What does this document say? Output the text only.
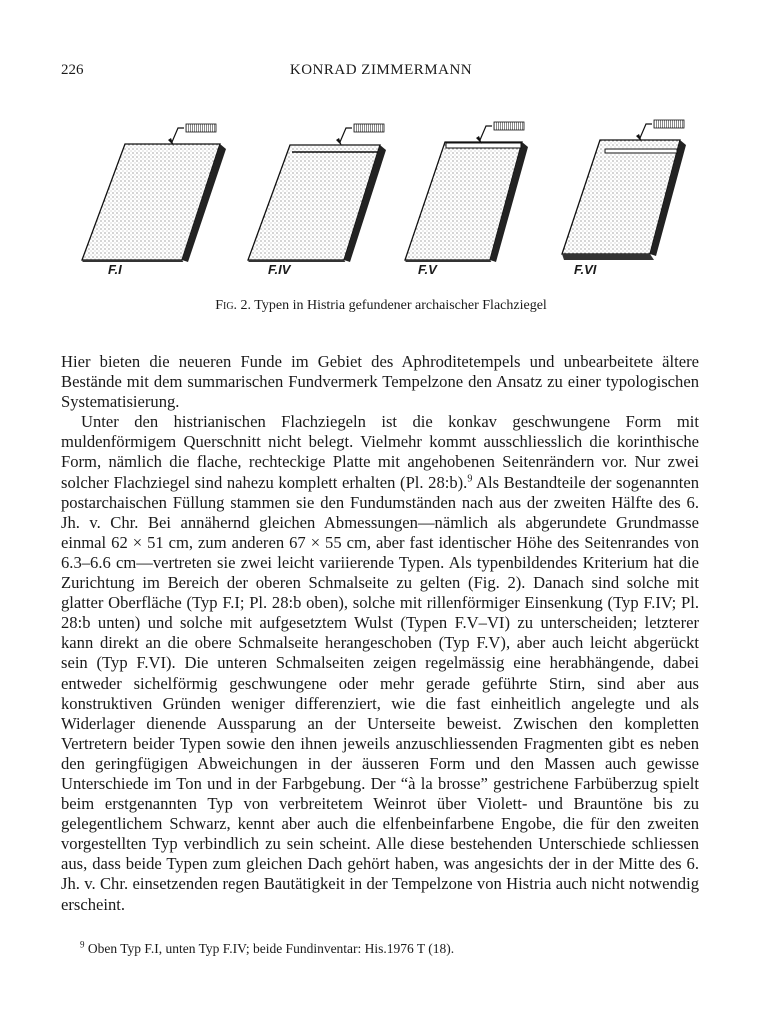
226	KONRAD ZIMMERMANN
F.I	F.IV	F.V	F.VI
Fig. 2. Typen in Histria gefundener archaischer Flachziegel

Hier bieten die neueren Funde im Gebiet des Aphroditetempels und unbearbeitete ältere Bestände mit dem summarischen Fundvermerk Tempelzone den Ansatz zu einer typologischen Systematisierung.

Unter den histrianischen Flachziegeln ist die konkav geschwungene Form mit muldenförmigem Querschnitt nicht belegt. Vielmehr kommt ausschliesslich die korinthische Form, nämlich die flache, rechteckige Platte mit angehobenen Seitenrändern vor. Nur zwei solcher Flachziegel sind nahezu komplett erhalten (Pl. 28:b).$^9$ Als Bestandteile der sogenannten postarchaischen Füllung stammen sie den Fundumständen nach aus der zweiten Hälfte des 6. Jh. v. Chr. Bei annähernd gleichen Abmessungen—nämlich als abgerundete Grundmasse einmal 62 × 51 cm, zum anderen 67 × 55 cm, aber fast identischer Höhe des Seitenrandes von 6.3–6.6 cm—vertreten sie zwei leicht variierende Typen. Als typenbildendes Kriterium hat die Zurichtung im Bereich der oberen Schmalseite zu gelten (Fig. 2). Danach sind solche mit glatter Oberfläche (Typ F.I; Pl. 28:b oben), solche mit rillenförmiger Einsenkung (Typ F.IV; Pl. 28:b unten) und solche mit aufgesetztem Wulst (Typen F.V–VI) zu unterscheiden; letzterer kann direkt an die obere Schmalseite herangeschoben (Typ F.V), aber auch leicht abgerückt sein (Typ F.VI). Die unteren Schmalseiten zeigen regelmässig eine herabhängende, dabei entweder sichelförmig geschwungene oder mehr gerade geführte Stirn, sind aber aus konstruktiven Gründen weniger differenziert, wie die fast einheitlich angelegte und als Widerlager dienende Aussparung an der Unterseite beweist. Zwischen den kompletten Vertretern beider Typen sowie den ihnen jeweils anzuschliessenden Fragmenten gibt es neben den geringfügigen Abweichungen in der äusseren Form und den Massen auch gewisse Unterschiede im Ton und in der Farbgebung. Der “à la brosse” gestrichene Farbüberzug spielt beim erstgenannten Typ von verbreitetem Weinrot über Violett- und Brauntöne bis zu gelegentlichem Schwarz, kennt aber auch die elfenbeinfarbene Engobe, die für den zweiten vorgestellten Typ verbindlich zu sein scheint. Alle diese bestehenden Unterschiede schliessen aus, dass beide Typen zum gleichen Dach gehört haben, was angesichts der in der Mitte des 6. Jh. v. Chr. einsetzenden regen Bautätigkeit in der Tempelzone von Histria auch nicht notwendig erscheint.

$^9$ Oben Typ F.I, unten Typ F.IV; beide Fundinventar: His.1976 T (18).
